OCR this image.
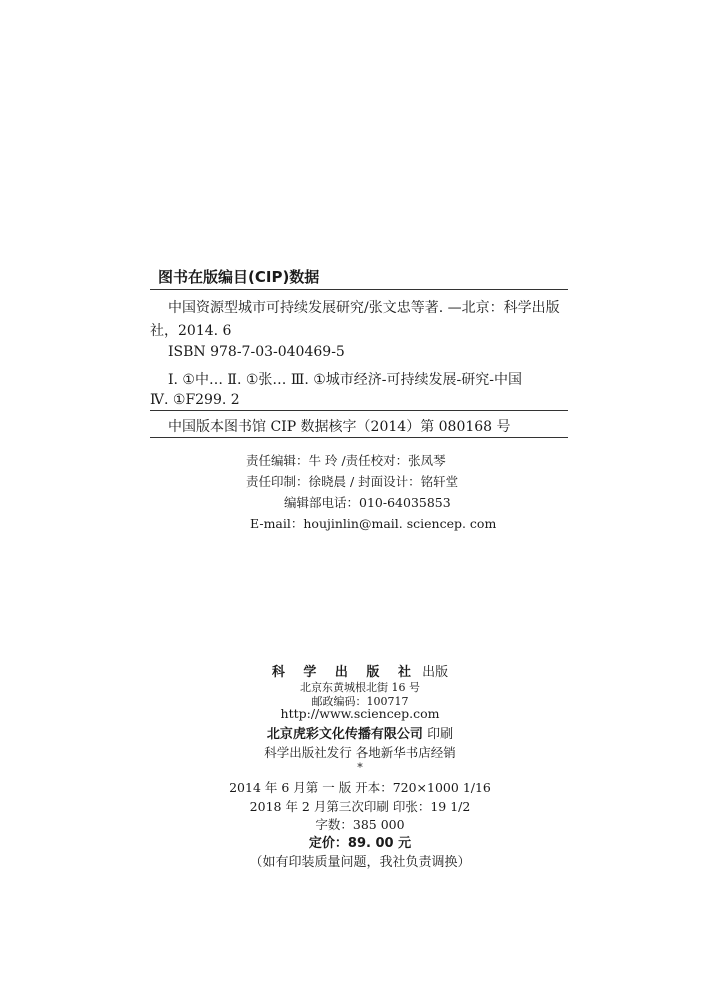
图书在版编目(CIP)数据
中国资源型城市可持续发展研究/张文忠等著. —北京：科学出版
社，2014. 6
ISBN 978-7-03-040469-5
Ⅰ. ①中… Ⅱ. ①张… Ⅲ. ①城市经济-可持续发展-研究-中国
Ⅳ. ①F299. 2
中国版本图书馆 CIP 数据核字（2014）第 080168 号
责任编辑：牛 玲 /责任校对：张凤琴
责任印制：徐晓晨 / 封面设计：铭轩堂
编辑部电话：010-64035853
E-mail：houjinlin@mail. sciencep. com
科 学 出 版 社 出版
北京东黄城根北街 16 号
邮政编码：100717
http://www.sciencep.com
北京虎彩文化传播有限公司 印刷
科学出版社发行 各地新华书店经销
*
2014 年 6 月第 一 版 开本：720×1000 1/16
2018 年 2 月第三次印刷 印张：19 1/2
字数：385 000
定价：89. 00 元
（如有印装质量问题，我社负责调换）
